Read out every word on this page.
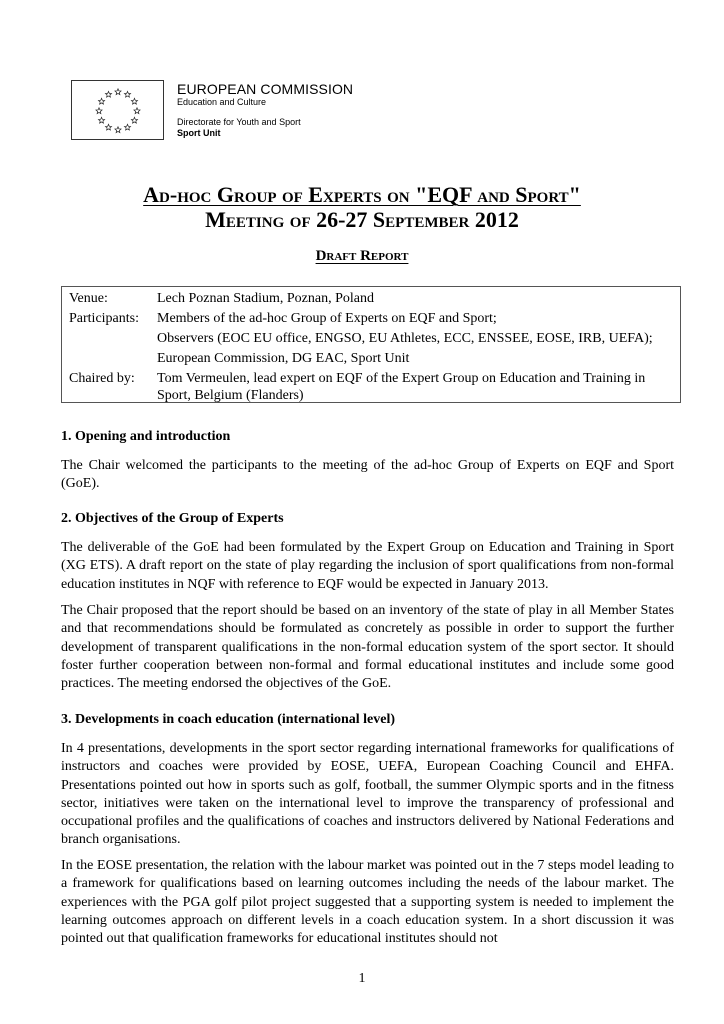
EUROPEAN COMMISSION
Education and Culture
Directorate for Youth and Sport
Sport Unit
Ad-hoc Group of Experts on "EQF and Sport"
Meeting of 26-27 September 2012
Draft Report
Venue:	Lech Poznan Stadium, Poznan, Poland
Participants: Members of the ad-hoc Group of Experts on EQF and Sport;
Observers (EOC EU office, ENGSO, EU Athletes, ECC, ENSSEE, EOSE, IRB, UEFA);
European Commission, DG EAC, Sport Unit
Chaired by: Tom Vermeulen, lead expert on EQF of the Expert Group on Education and Training in Sport, Belgium (Flanders)
1. Opening and introduction
The Chair welcomed the participants to the meeting of the ad-hoc Group of Experts on EQF and Sport (GoE).
2. Objectives of the Group of Experts
The deliverable of the GoE had been formulated by the Expert Group on Education and Training in Sport (XG ETS). A draft report on the state of play regarding the inclusion of sport qualifications from non-formal education institutes in NQF with reference to EQF would be expected in January 2013.
The Chair proposed that the report should be based on an inventory of the state of play in all Member States and that recommendations should be formulated as concretely as possible in order to support the further development of transparent qualifications in the non-formal education system of the sport sector. It should foster further cooperation between non-formal and formal educational institutes and include some good practices. The meeting endorsed the objectives of the GoE.
3. Developments in coach education (international level)
In 4 presentations, developments in the sport sector regarding international frameworks for qualifications of instructors and coaches were provided by EOSE, UEFA, European Coaching Council and EHFA. Presentations pointed out how in sports such as golf, football, the summer Olympic sports and in the fitness sector, initiatives were taken on the international level to improve the transparency of professional and occupational profiles and the qualifications of coaches and instructors delivered by National Federations and branch organisations.
In the EOSE presentation, the relation with the labour market was pointed out in the 7 steps model leading to a framework for qualifications based on learning outcomes including the needs of the labour market. The experiences with the PGA golf pilot project suggested that a supporting system is needed to implement the learning outcomes approach on different levels in a coach education system. In a short discussion it was pointed out that qualification frameworks for educational institutes should not
1
